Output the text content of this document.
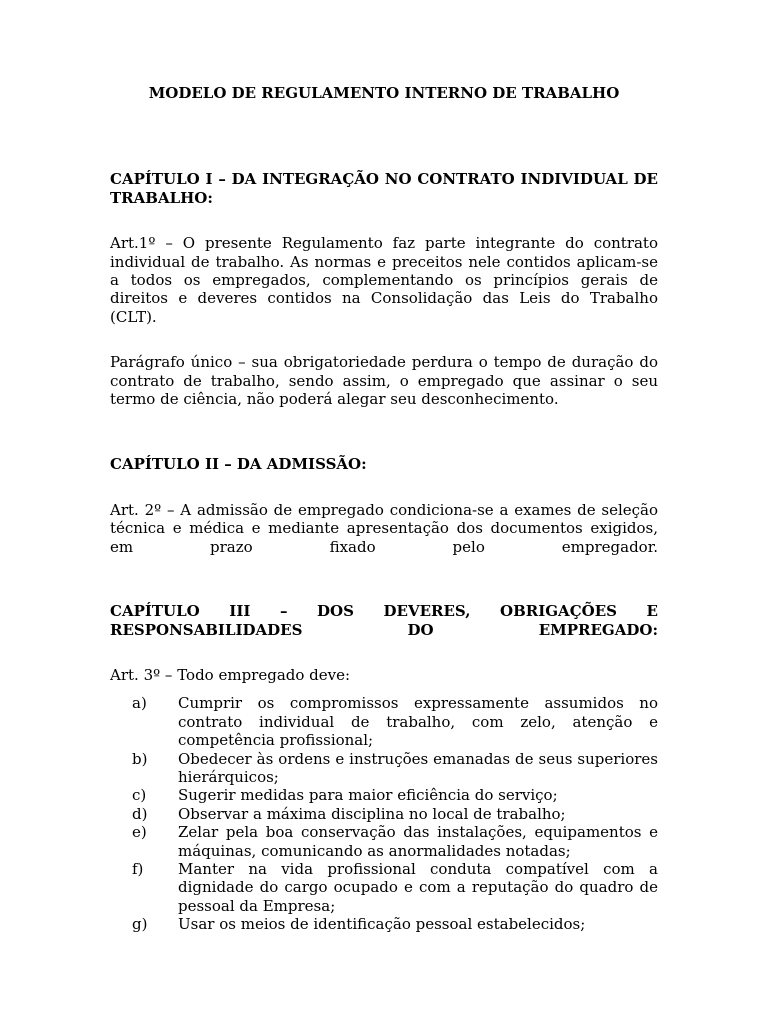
MODELO DE REGULAMENTO INTERNO DE TRABALHO

CAPÍTULO I – DA INTEGRAÇÃO NO CONTRATO INDIVIDUAL DE TRABALHO:

Art.1º – O presente Regulamento faz parte integrante do contrato individual de trabalho. As normas e preceitos nele contidos aplicam-se a todos os empregados, complementando os princípios gerais de direitos e deveres contidos na Consolidação das Leis do Trabalho (CLT).

Parágrafo único – sua obrigatoriedade perdura o tempo de duração do contrato de trabalho, sendo assim, o empregado que assinar o seu termo de ciência, não poderá alegar seu desconhecimento.

CAPÍTULO II – DA ADMISSÃO:

Art. 2º – A admissão de empregado condiciona-se a exames de seleção técnica e médica e mediante apresentação dos documentos exigidos, em prazo fixado pelo empregador.

CAPÍTULO III – DOS DEVERES, OBRIGAÇÕES E RESPONSABILIDADES DO EMPREGADO:

Art. 3º – Todo empregado deve:

a)	Cumprir os compromissos expressamente assumidos no contrato individual de trabalho, com zelo, atenção e competência profissional;
b)	Obedecer às ordens e instruções emanadas de seus superiores hierárquicos;
c)	Sugerir medidas para maior eficiência do serviço;
d)	Observar a máxima disciplina no local de trabalho;
e)	Zelar pela boa conservação das instalações, equipamentos e máquinas, comunicando as anormalidades notadas;
f)	Manter na vida profissional conduta compatível com a dignidade do cargo ocupado e com a reputação do quadro de pessoal da Empresa;
g)	Usar os meios de identificação pessoal estabelecidos;
